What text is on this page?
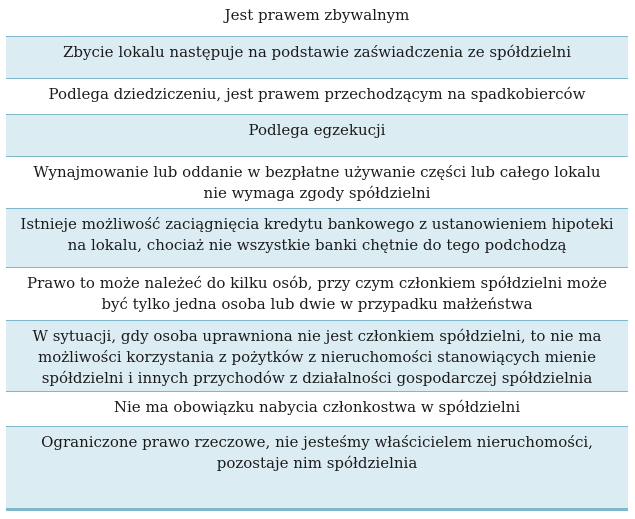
Jest prawem zbywalnym
Zbycie lokalu następuje na podstawie zaświadczenia ze spółdzielni
Podlega dziedziczeniu, jest prawem przechodzącym na spadkobierców
Podlega egzekucji
Wynajmowanie lub oddanie w bezpłatne używanie części lub całego lokalu nie wymaga zgody spółdzielni
Istnieje możliwość zaciągnięcia kredytu bankowego z ustanowieniem hipoteki na lokalu, chociaż nie wszystkie banki chętnie do tego podchodzą
Prawo to może należeć do kilku osób, przy czym członkiem spółdzielni może być tylko jedna osoba lub dwie w przypadku małżeństwa
W sytuacji, gdy osoba uprawniona nie jest członkiem spółdzielni, to nie ma możliwości korzystania z pożytków z nieruchomości stanowiących mienie spółdzielni i innych przychodów z działalności gospodarczej spółdzielnia
Nie ma obowiązku nabycia członkostwa w spółdzielni
Ograniczone prawo rzeczowe, nie jesteśmy właścicielem nieruchomości, pozostaje nim spółdzielnia
